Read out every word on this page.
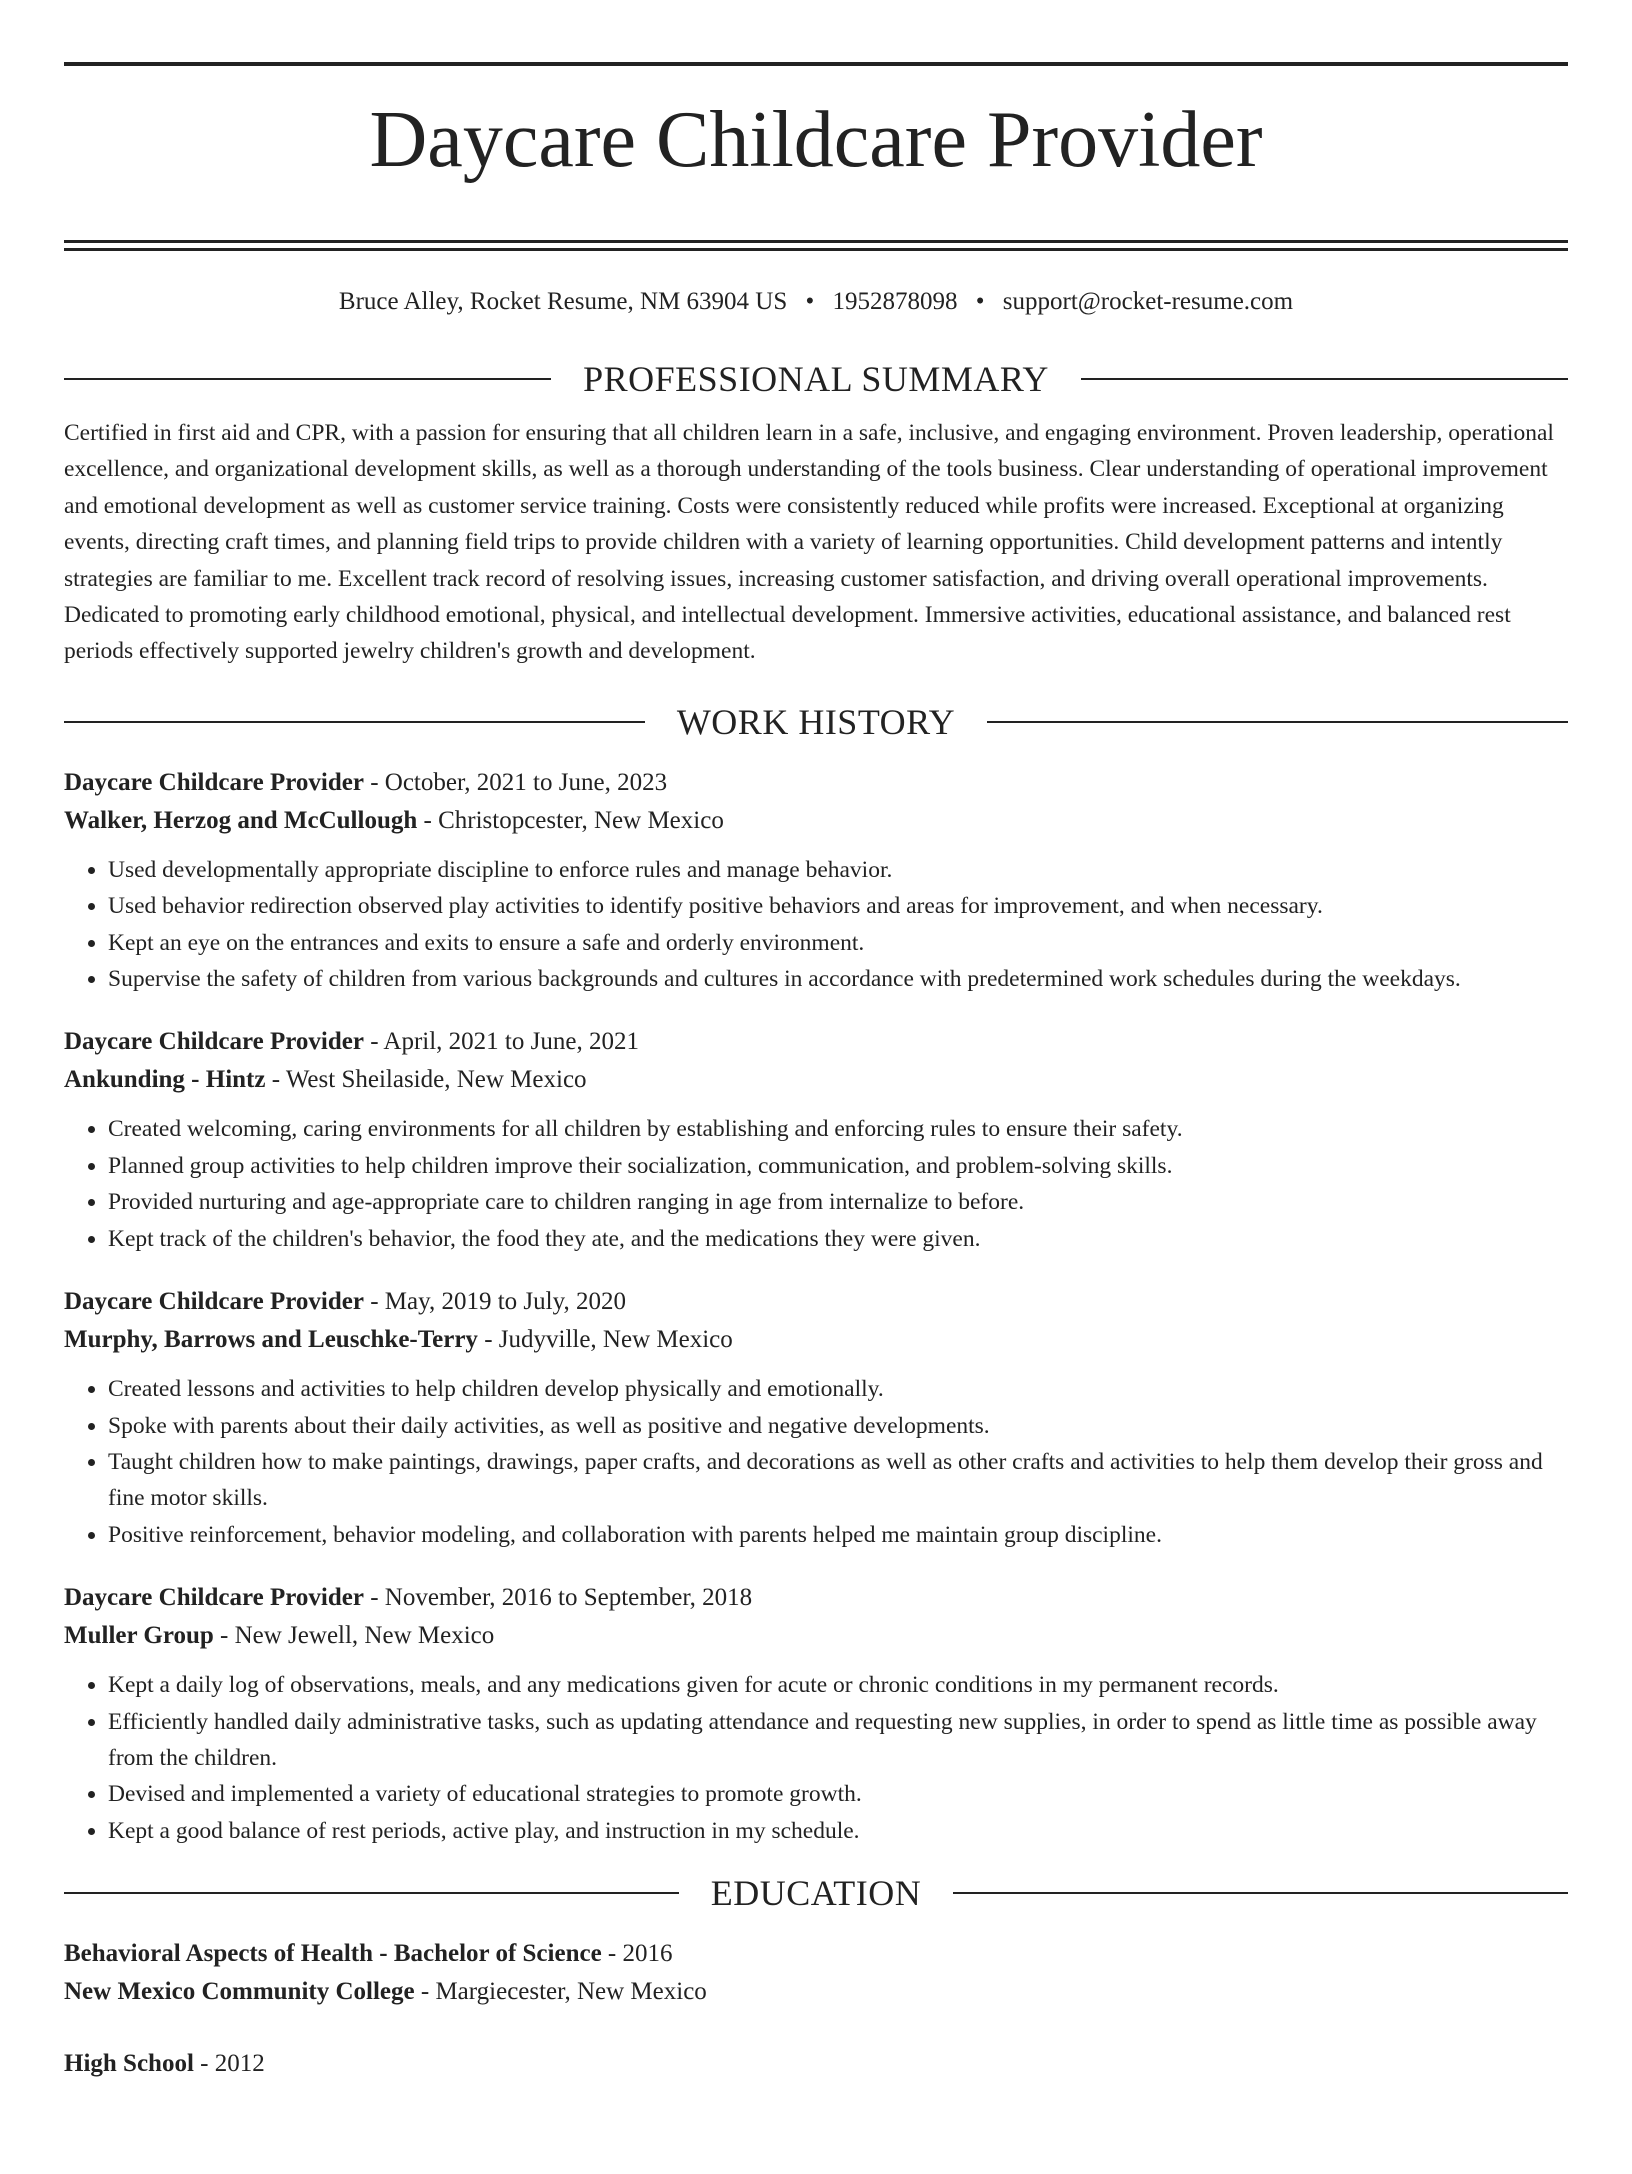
Daycare Childcare Provider
Bruce Alley, Rocket Resume, NM 63904 US • 1952878098 • support@rocket-resume.com
PROFESSIONAL SUMMARY
Certified in first aid and CPR, with a passion for ensuring that all children learn in a safe, inclusive, and engaging environment. Proven leadership, operational excellence, and organizational development skills, as well as a thorough understanding of the tools business. Clear understanding of operational improvement and emotional development as well as customer service training. Costs were consistently reduced while profits were increased. Exceptional at organizing events, directing craft times, and planning field trips to provide children with a variety of learning opportunities. Child development patterns and intently strategies are familiar to me. Excellent track record of resolving issues, increasing customer satisfaction, and driving overall operational improvements. Dedicated to promoting early childhood emotional, physical, and intellectual development. Immersive activities, educational assistance, and balanced rest periods effectively supported jewelry children's growth and development.
WORK HISTORY
Daycare Childcare Provider - October, 2021 to June, 2023
Walker, Herzog and McCullough - Christopcester, New Mexico
• Used developmentally appropriate discipline to enforce rules and manage behavior.
• Used behavior redirection observed play activities to identify positive behaviors and areas for improvement, and when necessary.
• Kept an eye on the entrances and exits to ensure a safe and orderly environment.
• Supervise the safety of children from various backgrounds and cultures in accordance with predetermined work schedules during the weekdays.
Daycare Childcare Provider - April, 2021 to June, 2021
Ankunding - Hintz - West Sheilaside, New Mexico
• Created welcoming, caring environments for all children by establishing and enforcing rules to ensure their safety.
• Planned group activities to help children improve their socialization, communication, and problem-solving skills.
• Provided nurturing and age-appropriate care to children ranging in age from internalize to before.
• Kept track of the children's behavior, the food they ate, and the medications they were given.
Daycare Childcare Provider - May, 2019 to July, 2020
Murphy, Barrows and Leuschke-Terry - Judyville, New Mexico
• Created lessons and activities to help children develop physically and emotionally.
• Spoke with parents about their daily activities, as well as positive and negative developments.
• Taught children how to make paintings, drawings, paper crafts, and decorations as well as other crafts and activities to help them develop their gross and fine motor skills.
• Positive reinforcement, behavior modeling, and collaboration with parents helped me maintain group discipline.
Daycare Childcare Provider - November, 2016 to September, 2018
Muller Group - New Jewell, New Mexico
• Kept a daily log of observations, meals, and any medications given for acute or chronic conditions in my permanent records.
• Efficiently handled daily administrative tasks, such as updating attendance and requesting new supplies, in order to spend as little time as possible away from the children.
• Devised and implemented a variety of educational strategies to promote growth.
• Kept a good balance of rest periods, active play, and instruction in my schedule.
EDUCATION
Behavioral Aspects of Health - Bachelor of Science - 2016
New Mexico Community College - Margiecester, New Mexico
High School - 2012
